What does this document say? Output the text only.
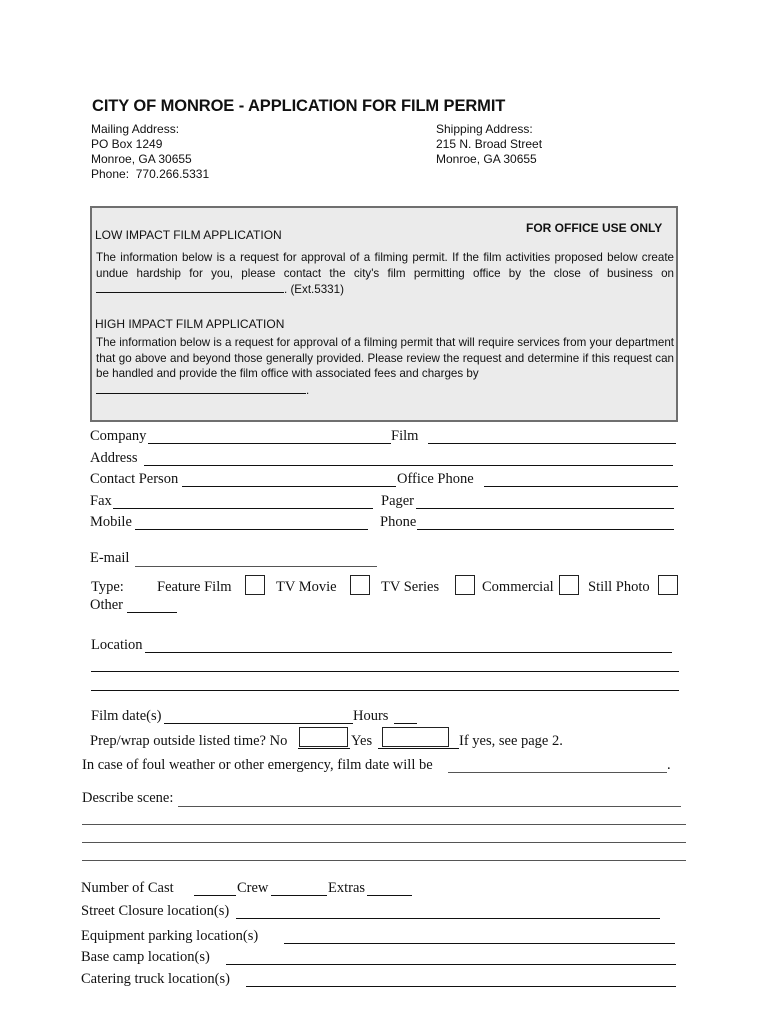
CITY OF MONROE - APPLICATION FOR FILM PERMIT
Mailing Address:
PO Box 1249
Monroe, GA 30655
Phone: 770.266.5331
Shipping Address:
215 N. Broad Street
Monroe, GA 30655
FOR OFFICE USE ONLY
LOW IMPACT FILM APPLICATION
The information below is a request for approval of a filming permit. If the film activities proposed below create undue hardship for you, please contact the city's film permitting office by the close of business on . (Ext.5331)
HIGH IMPACT FILM APPLICATION
The information below is a request for approval of a filming permit that will require services from your department that go above and beyond those generally provided. Please review the request and determine if this request can be handled and provide the film office with associated fees and charges by
.
Company	Film
Address
Contact Person	Office Phone
Fax	Pager
Mobile	Phone
E-mail
Type: Feature Film	TV Movie	TV Series	Commercial Still Photo
Other
Location
Film date(s)	Hours
Prep/wrap outside listed time? No	Yes	If yes, see page 2.
In case of foul weather or other emergency, film date will be	.
Describe scene:
Number of Cast	Crew	Extras
Street Closure location(s)
Equipment parking location(s)
Base camp location(s)
Catering truck location(s)
